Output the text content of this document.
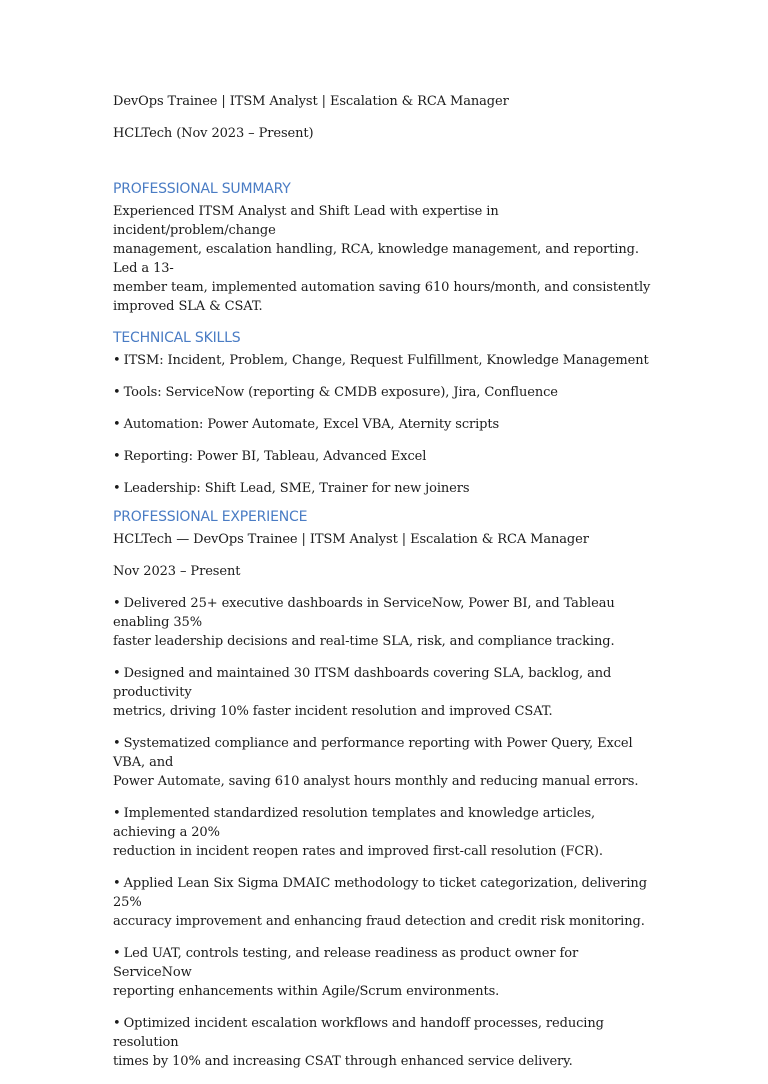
DevOps Trainee | ITSM Analyst | Escalation & RCA Manager
HCLTech (Nov 2023 – Present)
PROFESSIONAL SUMMARY
Experienced ITSM Analyst and Shift Lead with expertise in incident/problem/change
management, escalation handling, RCA, knowledge management, and reporting. Led a 13-
member team, implemented automation saving 610 hours/month, and consistently
improved SLA & CSAT.
TECHNICAL SKILLS
• ITSM: Incident, Problem, Change, Request Fulfillment, Knowledge Management
• Tools: ServiceNow (reporting & CMDB exposure), Jira, Confluence
• Automation: Power Automate, Excel VBA, Aternity scripts
• Reporting: Power BI, Tableau, Advanced Excel
• Leadership: Shift Lead, SME, Trainer for new joiners
PROFESSIONAL EXPERIENCE
HCLTech — DevOps Trainee | ITSM Analyst | Escalation & RCA Manager
Nov 2023 – Present
• Delivered 25+ executive dashboards in ServiceNow, Power BI, and Tableau enabling 35%
faster leadership decisions and real-time SLA, risk, and compliance tracking.
• Designed and maintained 30 ITSM dashboards covering SLA, backlog, and productivity
metrics, driving 10% faster incident resolution and improved CSAT.
• Systematized compliance and performance reporting with Power Query, Excel VBA, and
Power Automate, saving 610 analyst hours monthly and reducing manual errors.
• Implemented standardized resolution templates and knowledge articles, achieving a 20%
reduction in incident reopen rates and improved first-call resolution (FCR).
• Applied Lean Six Sigma DMAIC methodology to ticket categorization, delivering 25%
accuracy improvement and enhancing fraud detection and credit risk monitoring.
• Led UAT, controls testing, and release readiness as product owner for ServiceNow
reporting enhancements within Agile/Scrum environments.
• Optimized incident escalation workflows and handoff processes, reducing resolution
times by 10% and increasing CSAT through enhanced service delivery.
